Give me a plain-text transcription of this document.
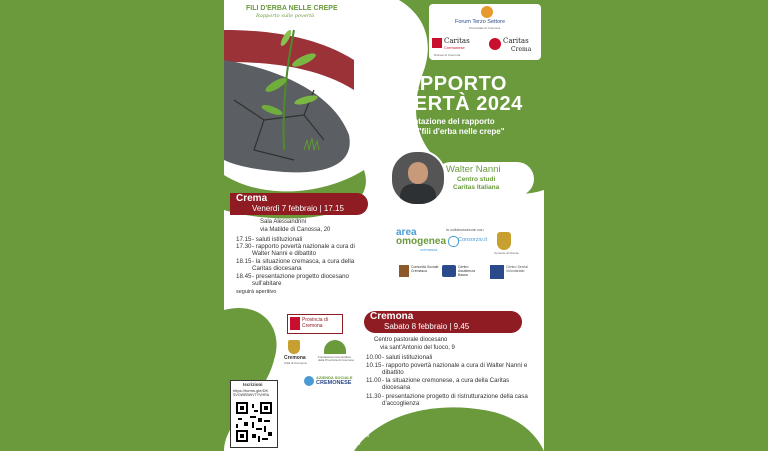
FILI D'ERBA NELLE CREPE
Rapporto sulle povertà
Forum Terzo Settore
Provinciale di Cremona
Caritas
Cremonese
Diocesi di Cremona
Caritas
Crema
RAPPORTO
POVERTÀ 2024
presentazione del rapporto
nazionale "fili d'erba nelle crepe"
Walter Nanni
Centro studi
Caritas Italiana
Crema
Venerdì 7 febbraio | 17.15
Sala Alessandrini
via Matilde di Canossa, 20
17.15- saluti istituzionali
17.30- rapporto povertà nazionale a cura di Walter Nanni e dibattito
18.15- la situazione cremasca, a cura della Caritas diocesana
18.45- presentazione progetto diocesano sull'abitare
seguirà aperitivo
area
omogenea
cremasca
in collaborazione con
Consorzio.it
Comune di Crema
Comunità Sociale Cremasca
Centro Assistenza Bassa
Centro Servizi Volontariato
Cremona
Sabato 8 febbraio | 9.45
Centro pastorale diocesano
via sant'Antonio del fuoco, 9
10.00- saluti istituzionali
10.15- rapporto povertà nazionale a cura di Walter Nanni e dibattito
11.00- la situazione cremonese, a cura della Caritas diocesana
11.30- presentazione progetto di ristrutturazione della casa d'accoglienza
Provincia di Cremona
Cremona
Città di Cremona
Fondazione Comunitaria della Provincia di Cremona
AZIENDA SOCIALE
CREMONESE
Iscrizioni
https://forms.gle/DK
SVOWEBWVTYVHRA
Info:
Cremona: caritas@diocesidicremona.it
Crema: segreteria@caritascrema.it
